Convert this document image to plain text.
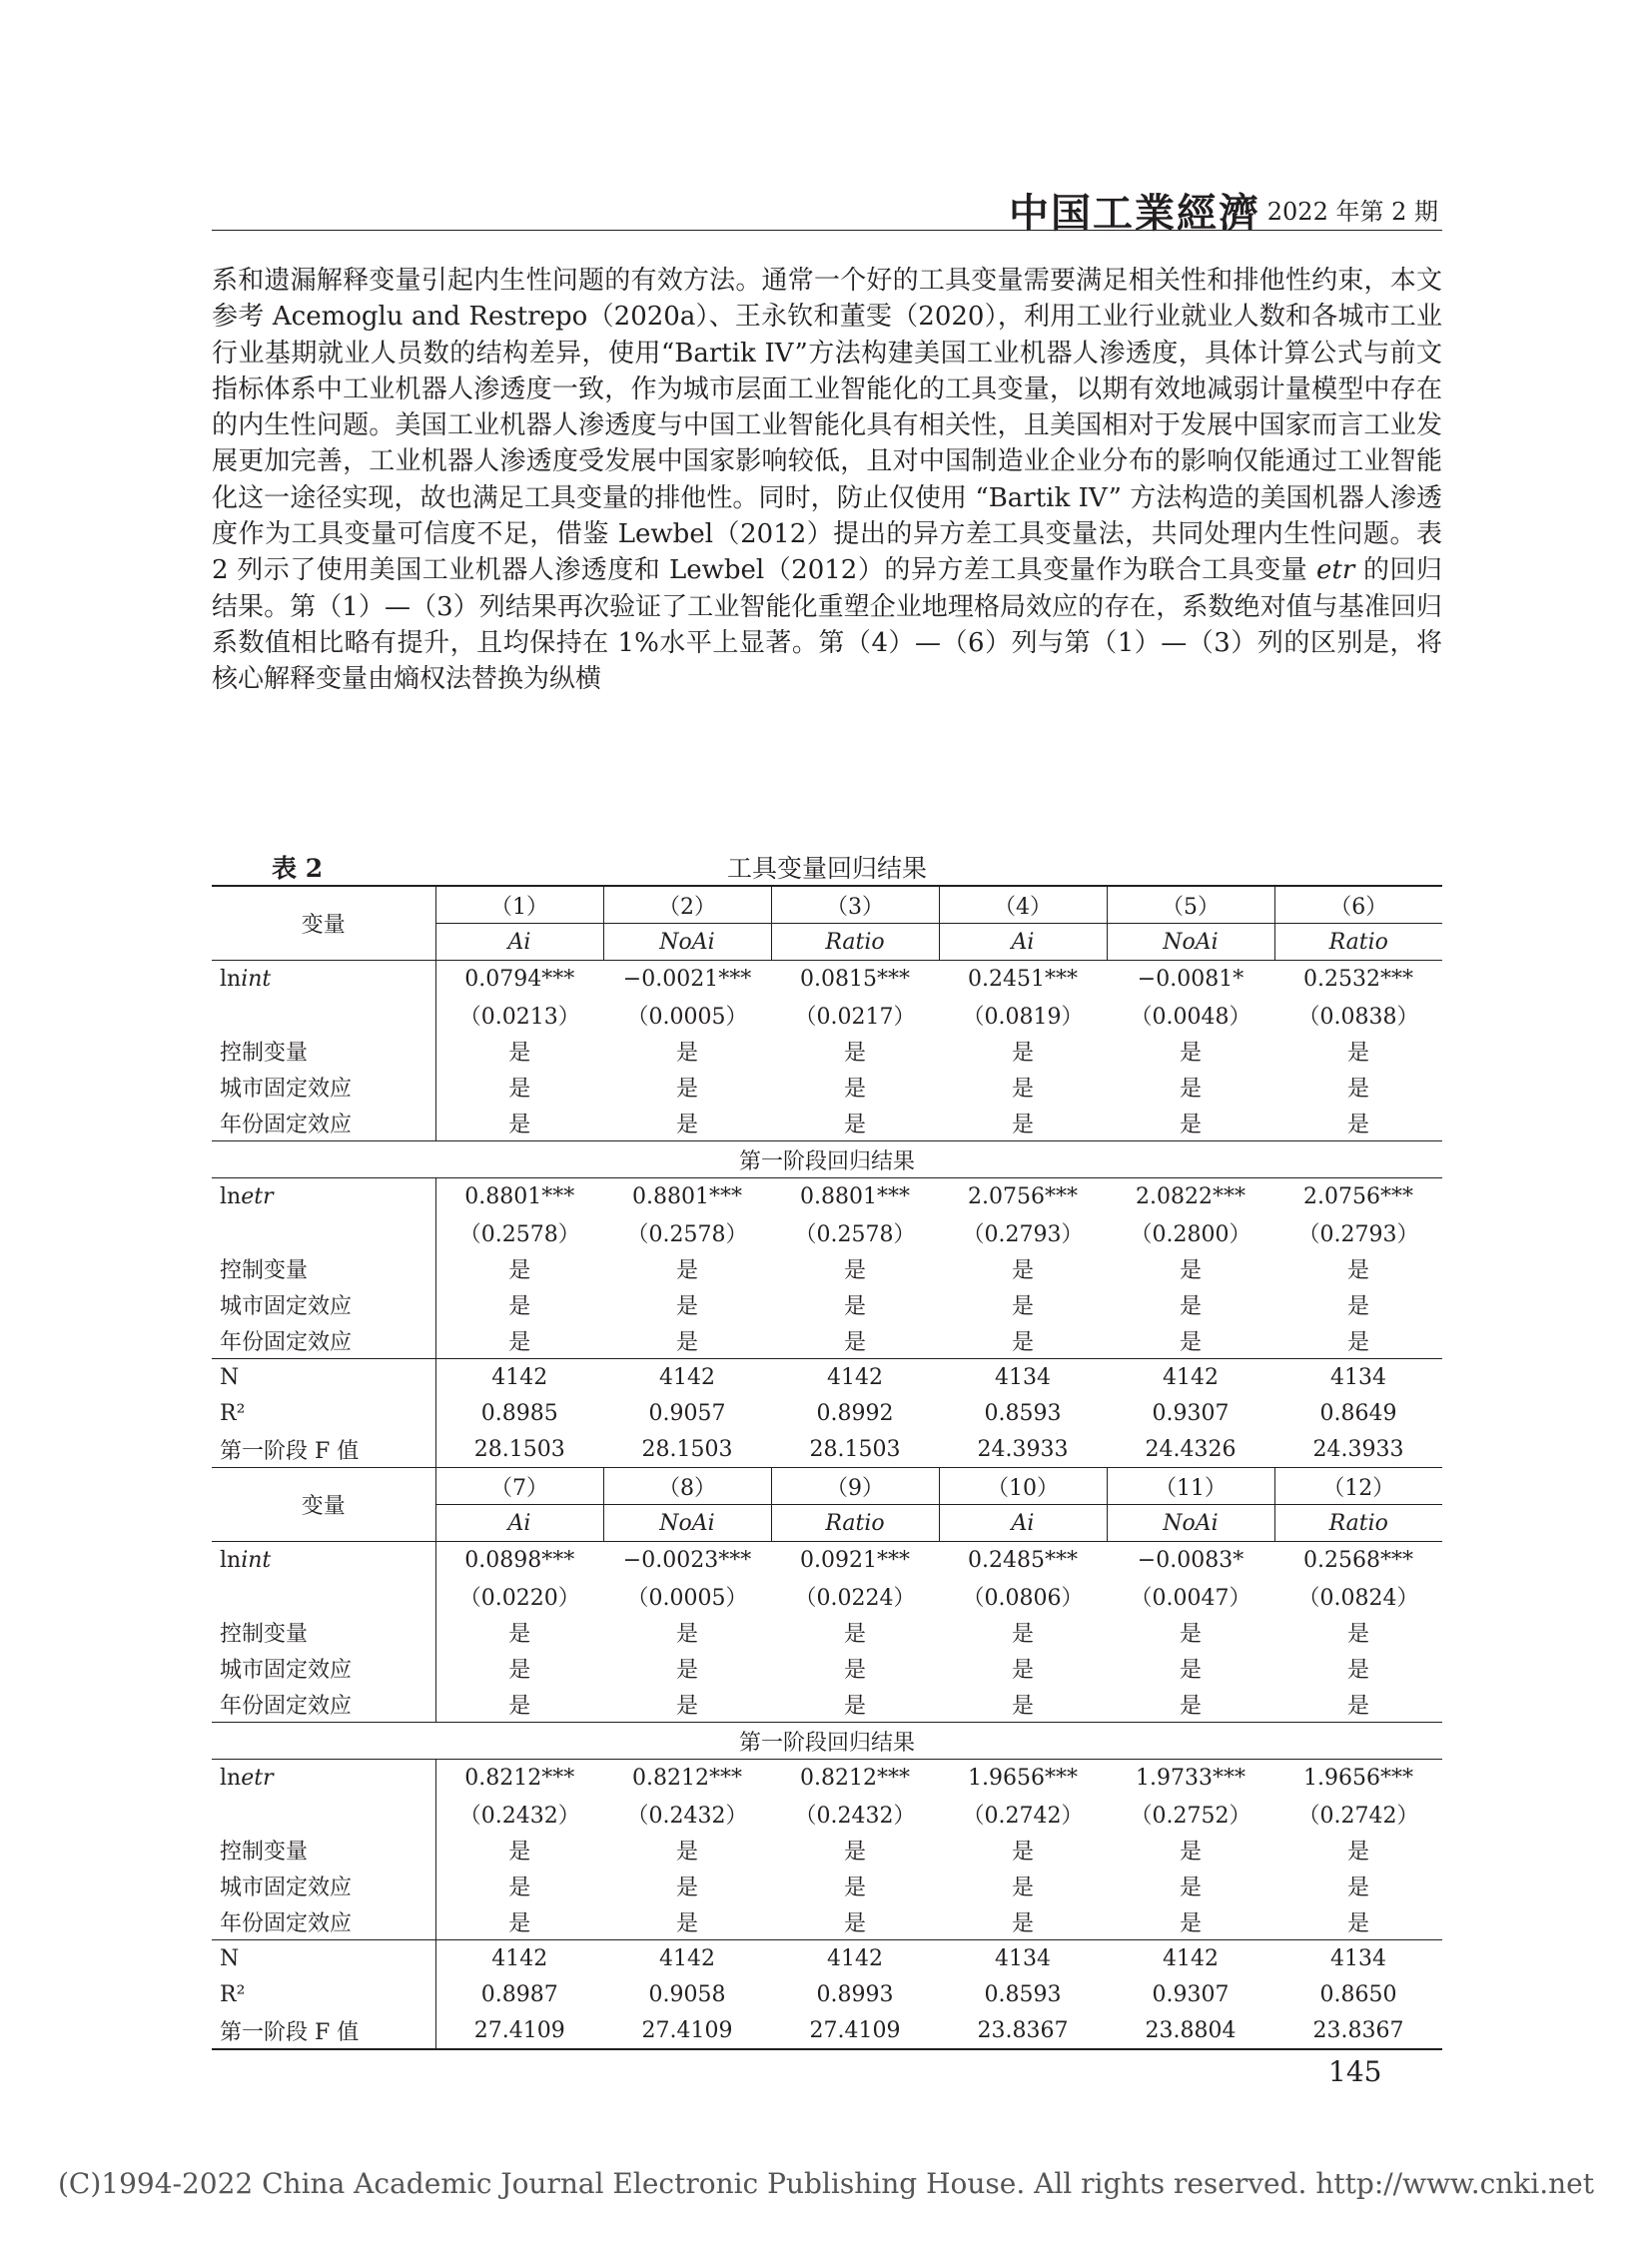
中国工業經濟 2022 年第 2 期

系和遗漏解释变量引起内生性问题的有效方法。通常一个好的工具变量需要满足相关性和排他性约束，本文参考 Acemoglu and Restrepo（2020a）、王永钦和董雯（2020），利用工业行业就业人数和各城市工业行业基期就业人员数的结构差异，使用“Bartik IV”方法构建美国工业机器人渗透度，具体计算公式与前文指标体系中工业机器人渗透度一致，作为城市层面工业智能化的工具变量，以期有效地减弱计量模型中存在的内生性问题。美国工业机器人渗透度与中国工业智能化具有相关性，且美国相对于发展中国家而言工业发展更加完善，工业机器人渗透度受发展中国家影响较低，且对中国制造业企业分布的影响仅能通过工业智能化这一途径实现，故也满足工具变量的排他性。同时，防止仅使用 “Bartik IV” 方法构造的美国机器人渗透度作为工具变量可信度不足，借鉴 Lewbel（2012）提出的异方差工具变量法，共同处理内生性问题。表 2 列示了使用美国工业机器人渗透度和 Lewbel（2012）的异方差工具变量作为联合工具变量 etr 的回归结果。第（1）—（3）列结果再次验证了工业智能化重塑企业地理格局效应的存在，系数绝对值与基准回归系数值相比略有提升，且均保持在 1%水平上显著。第（4）—（6）列与第（1）—（3）列的区别是，将核心解释变量由熵权法替换为纵横

表 2	工具变量回归结果
变量	（1）	（2）	（3）	（4）	（5）	（6）
	Ai	NoAi	Ratio	Ai	NoAi	Ratio
lnint	0.0794***	−0.0021***	0.0815***	0.2451***	−0.0081*	0.2532***
	（0.0213）	（0.0005）	（0.0217）	（0.0819）	（0.0048）	（0.0838）
控制变量	是	是	是	是	是	是
城市固定效应	是	是	是	是	是	是
年份固定效应	是	是	是	是	是	是
第一阶段回归结果						
lnetr	0.8801***	0.8801***	0.8801***	2.0756***	2.0822***	2.0756***
	（0.2578）	（0.2578）	（0.2578）	（0.2793）	（0.2800）	（0.2793）
控制变量	是	是	是	是	是	是
城市固定效应	是	是	是	是	是	是
年份固定效应	是	是	是	是	是	是
N	4142	4142	4142	4134	4142	4134
R²	0.8985	0.9057	0.8992	0.8593	0.9307	0.8649
第一阶段 F 值	28.1503	28.1503	28.1503	24.3933	24.4326	24.3933
变量	（7）	（8）	（9）	（10）	（11）	（12）
	Ai	NoAi	Ratio	Ai	NoAi	Ratio
lnint	0.0898***	−0.0023***	0.0921***	0.2485***	−0.0083*	0.2568***
	（0.0220）	（0.0005）	（0.0224）	（0.0806）	（0.0047）	（0.0824）
控制变量	是	是	是	是	是	是
城市固定效应	是	是	是	是	是	是
年份固定效应	是	是	是	是	是	是
第一阶段回归结果						
lnetr	0.8212***	0.8212***	0.8212***	1.9656***	1.9733***	1.9656***
	（0.2432）	（0.2432）	（0.2432）	（0.2742）	（0.2752）	（0.2742）
控制变量	是	是	是	是	是	是
城市固定效应	是	是	是	是	是	是
年份固定效应	是	是	是	是	是	是
N	4142	4142	4142	4134	4142	4134
R²	0.8987	0.9058	0.8993	0.8593	0.9307	0.8650
第一阶段 F 值	27.4109	27.4109	27.4109	23.8367	23.8804	23.8367
145
(C)1994-2022 China Academic Journal Electronic Publishing House. All rights reserved. http://www.cnki.net
